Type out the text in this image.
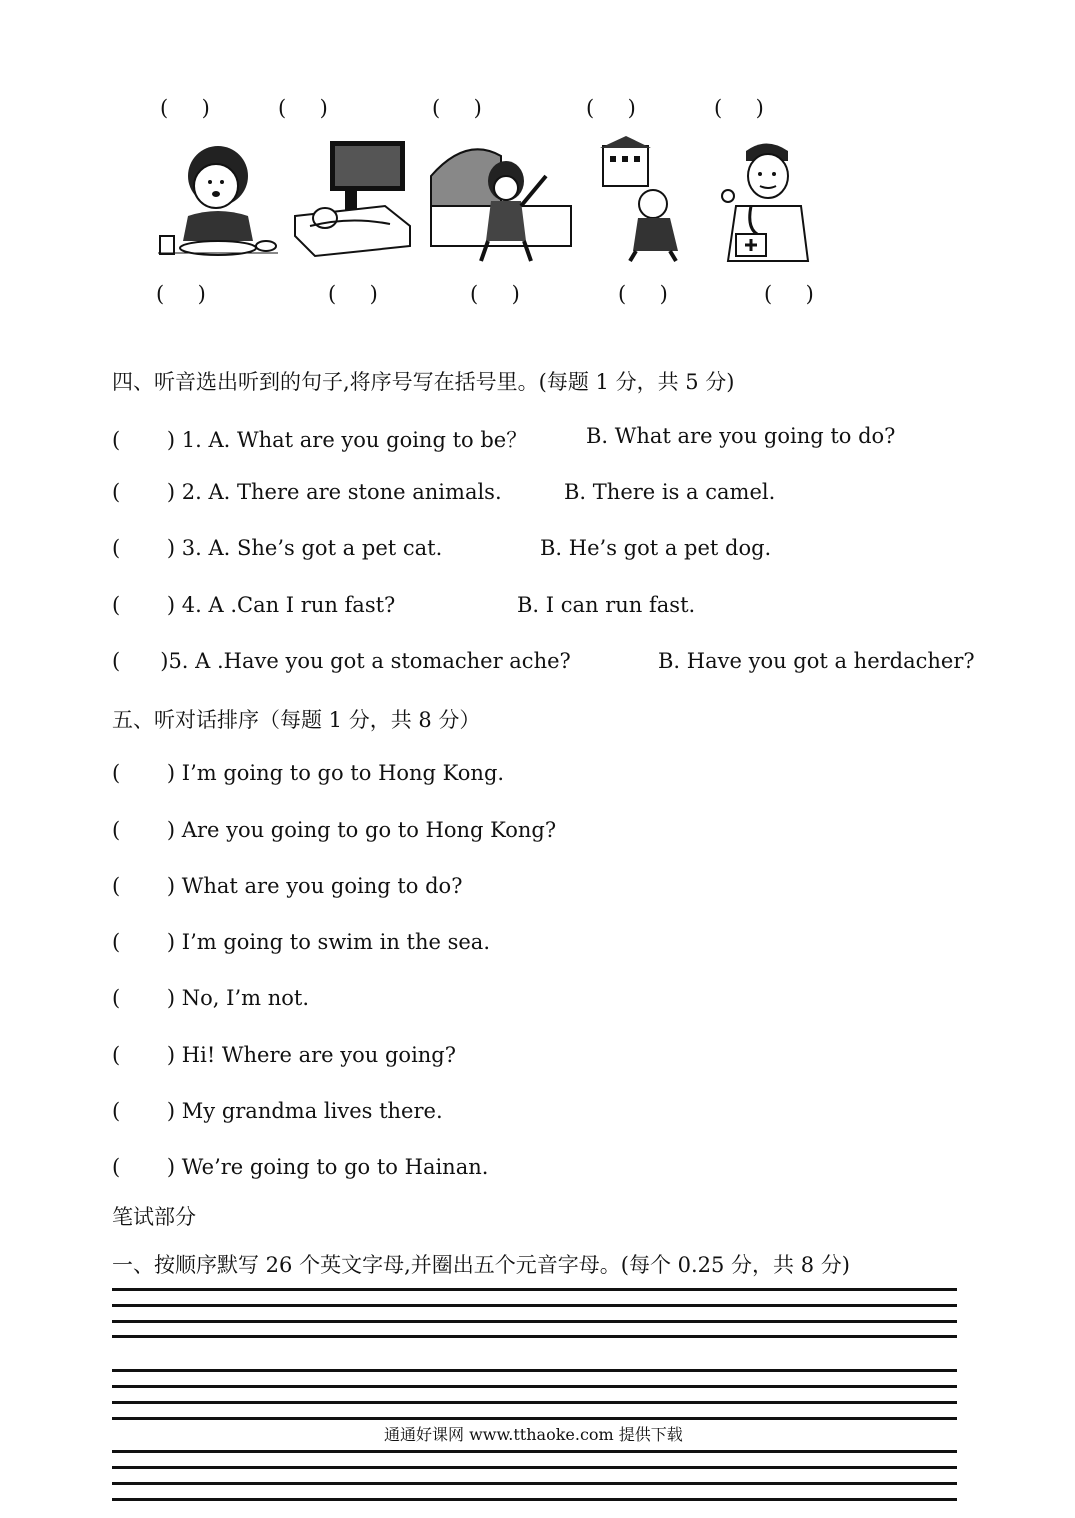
(     )	(     )	(     )	(     )	(     )
(     )	(     )	(     )	(     )	(     )
四、听音选出听到的句子,将序号写在括号里。(每题 1 分，共 5 分)
(       ) 1. A. What are you going to be？	B. What are you going to do?
(       ) 2. A. There are stone animals.	B. There is a camel.
(       ) 3. A. She’s got a pet cat.	B. He’s got a pet dog.
(       ) 4. A .Can I run fast?	B. I can run fast.
(      )5. A .Have you got a stomacher ache?	B. Have you got a herdacher?
五、听对话排序（每题 1 分，共 8 分）
(       ) I’m going to go to Hong Kong.
(       ) Are you going to go to Hong Kong?
(       ) What are you going to do?
(       ) I’m going to swim in the sea.
(       ) No, I’m not.
(       ) Hi! Where are you going?
(       ) My grandma lives there.
(       ) We’re going to go to Hainan.
笔试部分
一、按顺序默写 26 个英文字母,并圈出五个元音字母。(每个 0.25 分，共 8 分)
通通好课网 www.tthaoke.com 提供下载
